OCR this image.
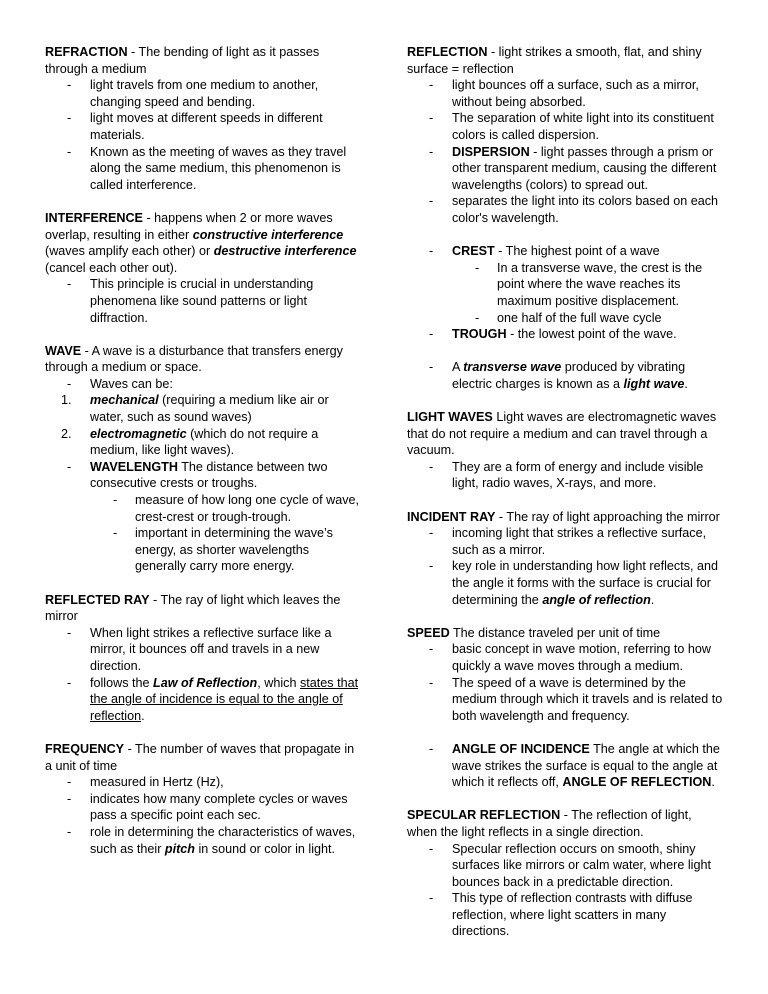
REFRACTION - The bending of light as it passes through a medium

- light travels from one medium to another, changing speed and bending.
- light moves at different speeds in different materials.
- Known as the meeting of waves as they travel along the same medium, this phenomenon is called interference.

INTERFERENCE - happens when 2 or more waves overlap, resulting in either constructive interference (waves amplify each other) or destructive interference (cancel each other out).

- This principle is crucial in understanding phenomena like sound patterns or light diffraction.

WAVE - A wave is a disturbance that transfers energy through a medium or space.

- Waves can be:
1. mechanical (requiring a medium like air or water, such as sound waves)
2. electromagnetic (which do not require a medium, like light waves).
- WAVELENGTH The distance between two consecutive crests or troughs.
- measure of how long one cycle of wave, crest-crest or trough-trough.
- important in determining the wave’s energy, as shorter wavelengths generally carry more energy.

REFLECTED RAY - The ray of light which leaves the mirror

- When light strikes a reflective surface like a mirror, it bounces off and travels in a new direction.
- follows the Law of Reflection, which states that the angle of incidence is equal to the angle of reflection.

FREQUENCY - The number of waves that propagate in a unit of time

- measured in Hertz (Hz),
- indicates how many complete cycles or waves pass a specific point each sec.
- role in determining the characteristics of waves, such as their pitch in sound or color in light.

REFLECTION - light strikes a smooth, flat, and shiny surface = reflection

- light bounces off a surface, such as a mirror, without being absorbed.
- The separation of white light into its constituent colors is called dispersion.
- DISPERSION - light passes through a prism or other transparent medium, causing the different wavelengths (colors) to spread out.
- separates the light into its colors based on each color's wavelength.
- CREST - The highest point of a wave
- In a transverse wave, the crest is the point where the wave reaches its maximum positive displacement.
- one half of the full wave cycle
- TROUGH - the lowest point of the wave.
- A transverse wave produced by vibrating electric charges is known as a light wave.

LIGHT WAVES Light waves are electromagnetic waves that do not require a medium and can travel through a vacuum.

- They are a form of energy and include visible light, radio waves, X-rays, and more.

INCIDENT RAY - The ray of light approaching the mirror

- incoming light that strikes a reflective surface, such as a mirror.
- key role in understanding how light reflects, and the angle it forms with the surface is crucial for determining the angle of reflection.

SPEED The distance traveled per unit of time

- basic concept in wave motion, referring to how quickly a wave moves through a medium.
- The speed of a wave is determined by the medium through which it travels and is related to both wavelength and frequency.
- ANGLE OF INCIDENCE The angle at which the wave strikes the surface is equal to the angle at which it reflects off, ANGLE OF REFLECTION.

SPECULAR REFLECTION - The reflection of light, when the light reflects in a single direction.

- Specular reflection occurs on smooth, shiny surfaces like mirrors or calm water, where light bounces back in a predictable direction.
- This type of reflection contrasts with diffuse reflection, where light scatters in many directions.
